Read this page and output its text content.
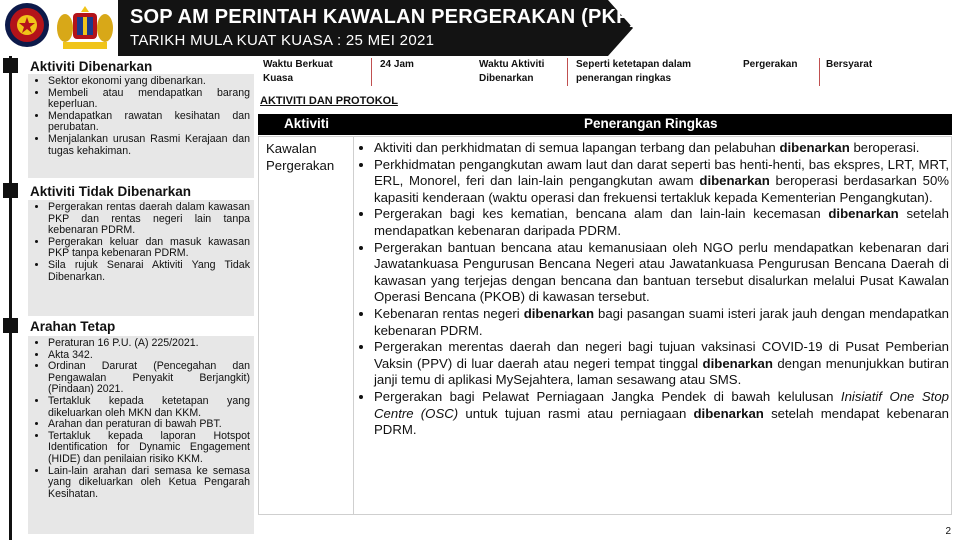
SOP AM PERINTAH KAWALAN PERGERAKAN (PKP)
TARIKH MULA KUAT KUASA : 25 MEI 2021
Aktiviti Dibenarkan
• Sektor ekonomi yang dibenarkan.
• Membeli atau mendapatkan barang keperluan.
• Mendapatkan rawatan kesihatan dan perubatan.
• Menjalankan urusan Rasmi Kerajaan dan tugas kehakiman.
Aktiviti Tidak Dibenarkan
• Pergerakan rentas daerah dalam kawasan PKP dan rentas negeri lain tanpa kebenaran PDRM.
• Pergerakan keluar dan masuk kawasan PKP tanpa kebenaran PDRM.
• Sila rujuk Senarai Aktiviti Yang Tidak Dibenarkan.
Arahan Tetap
• Peraturan 16 P.U. (A) 225/2021.
• Akta 342.
• Ordinan Darurat (Pencegahan dan Pengawalan Penyakit Berjangkit) (Pindaan) 2021.
• Tertakluk kepada ketetapan yang dikeluarkan oleh MKN dan KKM.
• Arahan dan peraturan di bawah PBT.
• Tertakluk kepada laporan Hotspot Identification for Dynamic Engagement (HIDE) dan penilaian risiko KKM.
• Lain-lain arahan dari semasa ke semasa yang dikeluarkan oleh Ketua Pengarah Kesihatan.
Waktu Berkuat Kuasa
24 Jam	Waktu Aktiviti Dibenarkan
Seperti ketetapan dalam penerangan ringkas
Pergerakan	Bersyarat
AKTIVITI DAN PROTOKOL
Aktiviti	Penerangan Ringkas
Kawalan Pergerakan
• Aktiviti dan perkhidmatan di semua lapangan terbang dan pelabuhan dibenarkan beroperasi.
• Perkhidmatan pengangkutan awam laut dan darat seperti bas henti-henti, bas ekspres, LRT, MRT, ERL, Monorel, feri dan lain-lain pengangkutan awam dibenarkan beroperasi berdasarkan 50% kapasiti kenderaan (waktu operasi dan frekuensi tertakluk kepada Kementerian Pengangkutan).
• Pergerakan bagi kes kematian, bencana alam dan lain-lain kecemasan dibenarkan setelah mendapatkan kebenaran daripada PDRM.
• Pergerakan bantuan bencana atau kemanusiaan oleh NGO perlu mendapatkan kebenaran dari Jawatankuasa Pengurusan Bencana Negeri atau Jawatankuasa Pengurusan Bencana Daerah di kawasan yang terjejas dengan bencana dan bantuan tersebut disalurkan melalui Pusat Kawalan Operasi Bencana (PKOB) di kawasan tersebut.
• Kebenaran rentas negeri dibenarkan bagi pasangan suami isteri jarak jauh dengan mendapatkan kebenaran PDRM.
• Pergerakan merentas daerah dan negeri bagi tujuan vaksinasi COVID-19 di Pusat Pemberian Vaksin (PPV) di luar daerah atau negeri tempat tinggal dibenarkan dengan menunjukkan butiran janji temu di aplikasi MySejahtera, laman sesawang atau SMS.
• Pergerakan bagi Pelawat Perniagaan Jangka Pendek di bawah kelulusan Inisiatif One Stop Centre (OSC) untuk tujuan rasmi atau perniagaan dibenarkan setelah mendapat kebenaran PDRM.
2
